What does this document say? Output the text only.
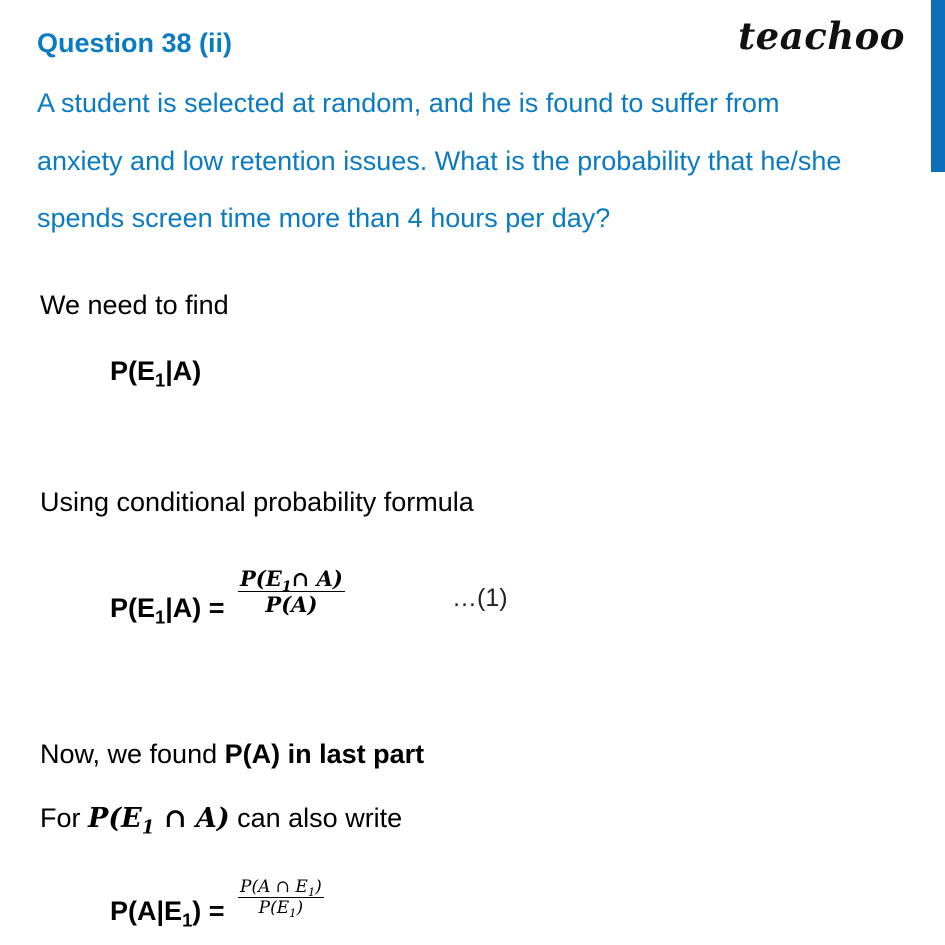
Question 38 (ii)	teachoo
A student is selected at random, and he is found to suffer from
anxiety and low retention issues. What is the probability that he/she
spends screen time more than 4 hours per day?
We need to find
$P(E_1|A)$
Using conditional probability formula
$P(E_1|A)$ =
$P(E_1\cap$ A)
P(A)	…(1)
Now, we found P(A) in last part
For $P(E_1$ ∩ A) can also write
$P(A|E_1)$ =
P(A ∩ $E_1$)
$P(E_1)$
